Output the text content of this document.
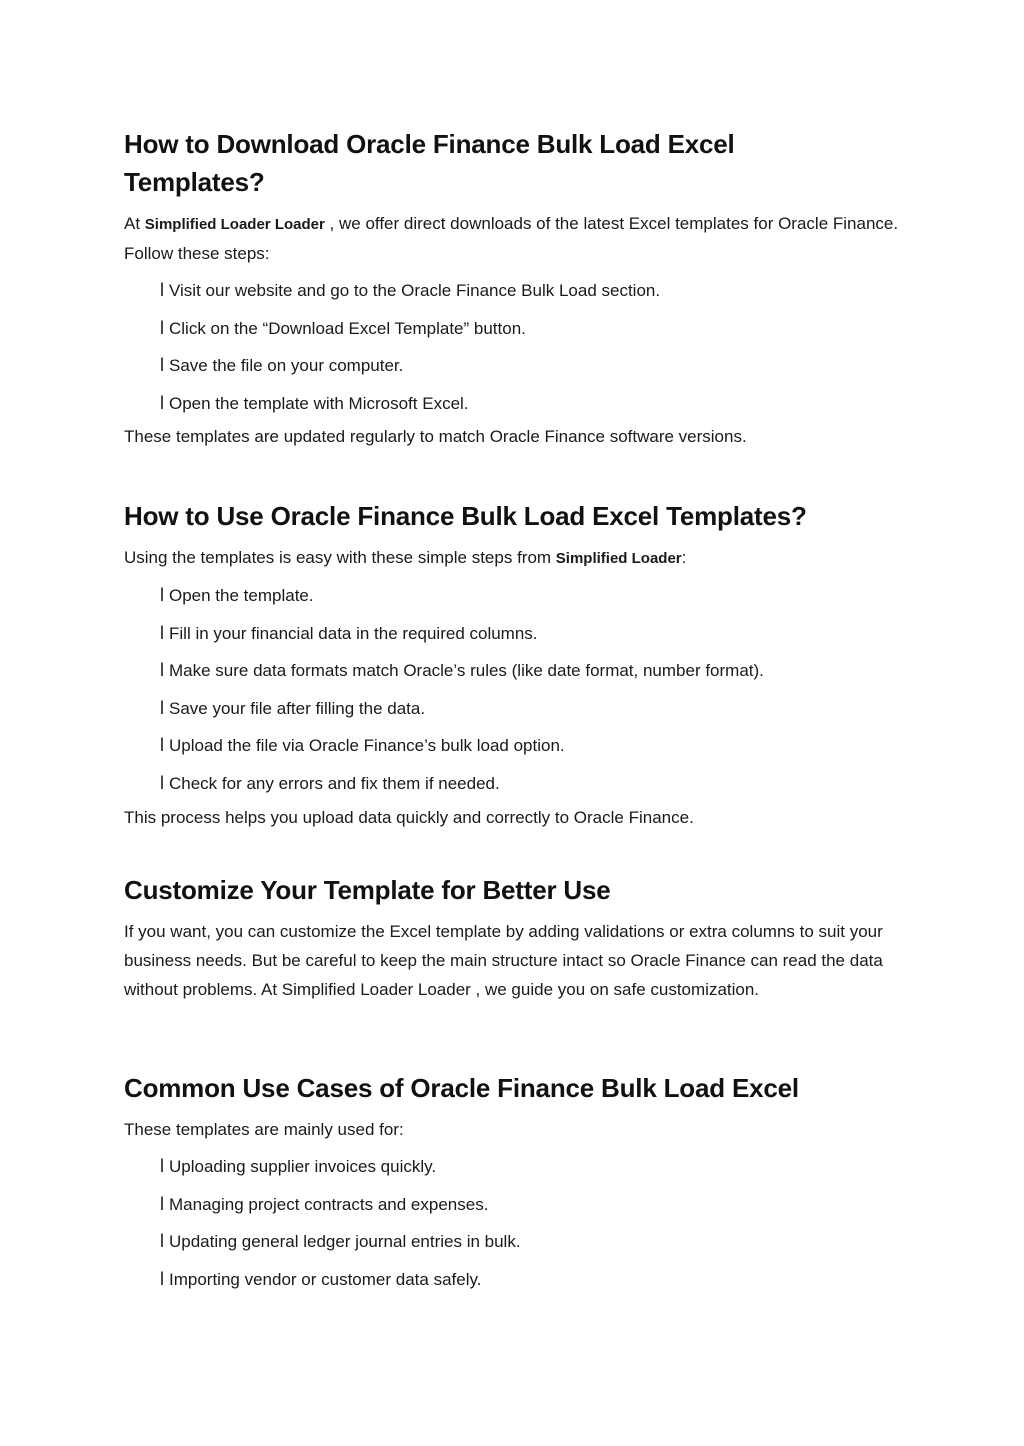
How to Download Oracle Finance Bulk Load Excel
Templates?

At Simplified Loader Loader , we offer direct downloads of the latest Excel templates for Oracle Finance. Follow these steps:

l Visit our website and go to the Oracle Finance Bulk Load section.
l Click on the “Download Excel Template” button.
l Save the file on your computer.
l Open the template with Microsoft Excel.

These templates are updated regularly to match Oracle Finance software versions.

How to Use Oracle Finance Bulk Load Excel Templates?

Using the templates is easy with these simple steps from Simplified Loader:

l Open the template.
l Fill in your financial data in the required columns.
l Make sure data formats match Oracle’s rules (like date format, number format).
l Save your file after filling the data.
l Upload the file via Oracle Finance’s bulk load option.
l Check for any errors and fix them if needed.

This process helps you upload data quickly and correctly to Oracle Finance.

Customize Your Template for Better Use

If you want, you can customize the Excel template by adding validations or extra columns to suit your business needs. But be careful to keep the main structure intact so Oracle Finance can read the data without problems. At Simplified Loader Loader , we guide you on safe customization.

Common Use Cases of Oracle Finance Bulk Load Excel

These templates are mainly used for:

l Uploading supplier invoices quickly.
l Managing project contracts and expenses.
l Updating general ledger journal entries in bulk.
l Importing vendor or customer data safely.
